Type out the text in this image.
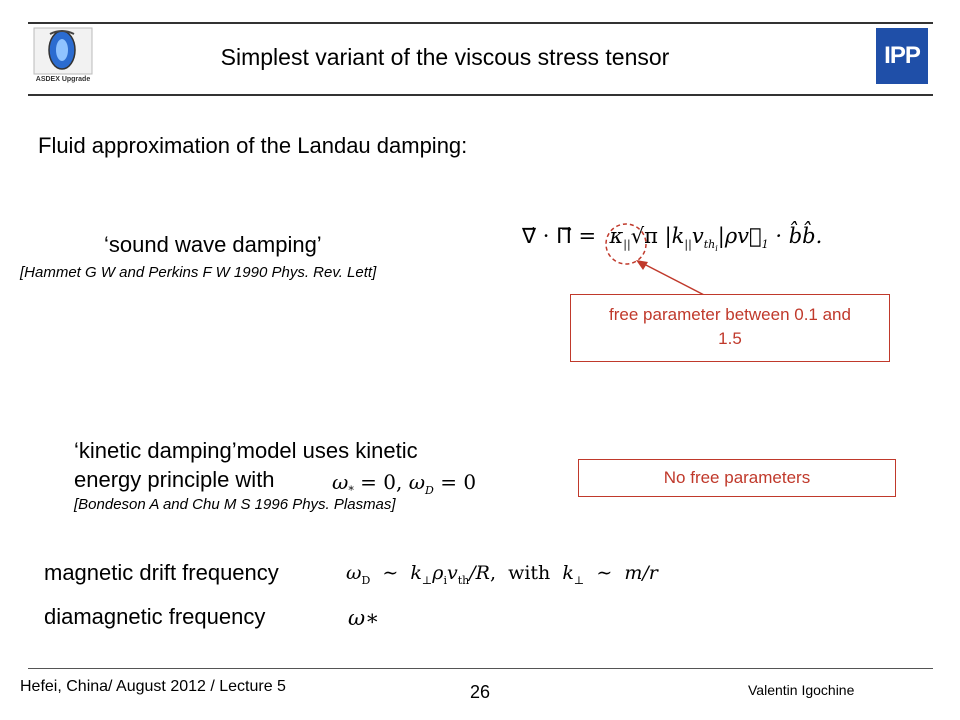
ASDEX Upgrade
Simplest variant of the viscous stress tensor	IPP
Fluid approximation of the Landau damping:
‘sound wave damping’
[Hammet G W and Perkins F W 1990 Phys. Rev. Lett]
∇⃗ · Π⃗ =  $\kappa_{||}√\pi$ $|k_{||}v_{th_i}|\rho v⃗_1$ · b̂b̂.
free parameter between 0.1 and 1.5
‘kinetic damping’model uses kinetic
energy principle with	$\omega_* = 0$, $\omega_D = 0$
[Bondeson A and Chu M S 1996 Phys. Plasmas]
No free parameters
magnetic drift frequency	$\omega_D$  ∼  $k_\perp\rho_iv_{th}/R$,  with  $k_\perp$  ∼  m/r
diamagnetic frequency	ω∗
Hefei, China/ August 2012 / Lecture 5	26	Valentin Igochine
